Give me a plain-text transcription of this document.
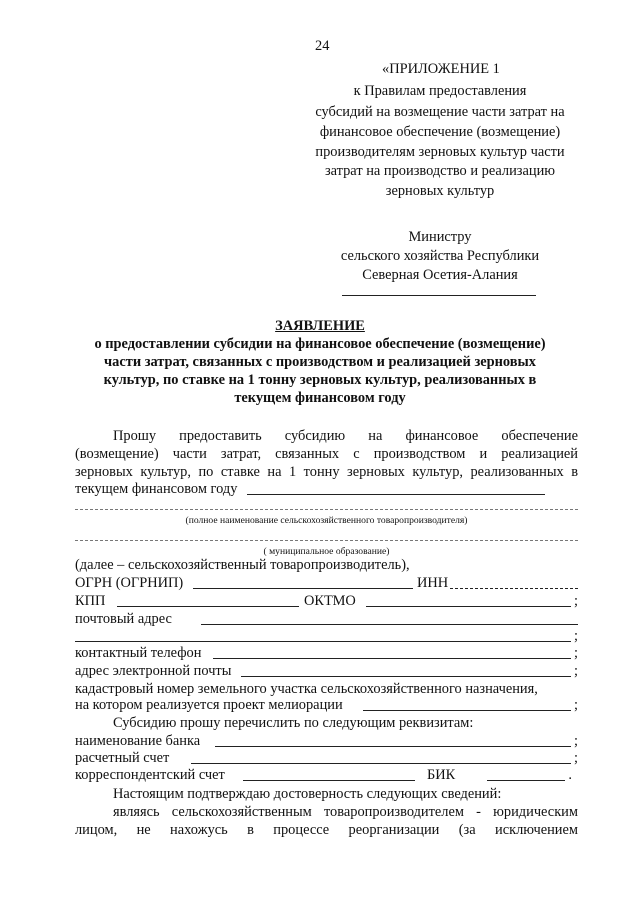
24
«ПРИЛОЖЕНИЕ 1
к Правилам предоставления
субсидий на возмещение части затрат на
финансовое обеспечение (возмещение)
производителям зерновых культур части
затрат на производство и реализацию
зерновых культур
Министру
сельского хозяйства Республики
Северная Осетия-Алания
ЗАЯВЛЕНИЕ
о предоставлении субсидии на финансовое обеспечение (возмещение)
части затрат, связанных с производством и реализацией зерновых
культур, по ставке на 1 тонну зерновых культур, реализованных в
текущем финансовом году
Прошу предоставить субсидию на финансовое обеспечение
(возмещение) части затрат, связанных с производством и реализацией
зерновых культур, по ставке на 1 тонну зерновых культур, реализованных в
текущем финансовом году
(полное наименование сельскохозяйственного товаропроизводителя)
( муниципальное образование)
(далее – сельскохозяйственный товаропроизводитель),
ОГРН (ОГРНИП)	ИНН
КПП	ОКТМО	;
почтовый адрес
;
контактный телефон	;
адрес электронной почты	;
кадастровый номер земельного участка сельскохозяйственного назначения,
на котором реализуется проект мелиорации	;
Субсидию прошу перечислить по следующим реквизитам:
наименование банка	;
расчетный счет	;
корреспондентский счет	БИК	.
Настоящим подтверждаю достоверность следующих сведений:
являясь сельскохозяйственным товаропроизводителем - юридическим
лицом, не нахожусь в процессе реорганизации (за исключением
